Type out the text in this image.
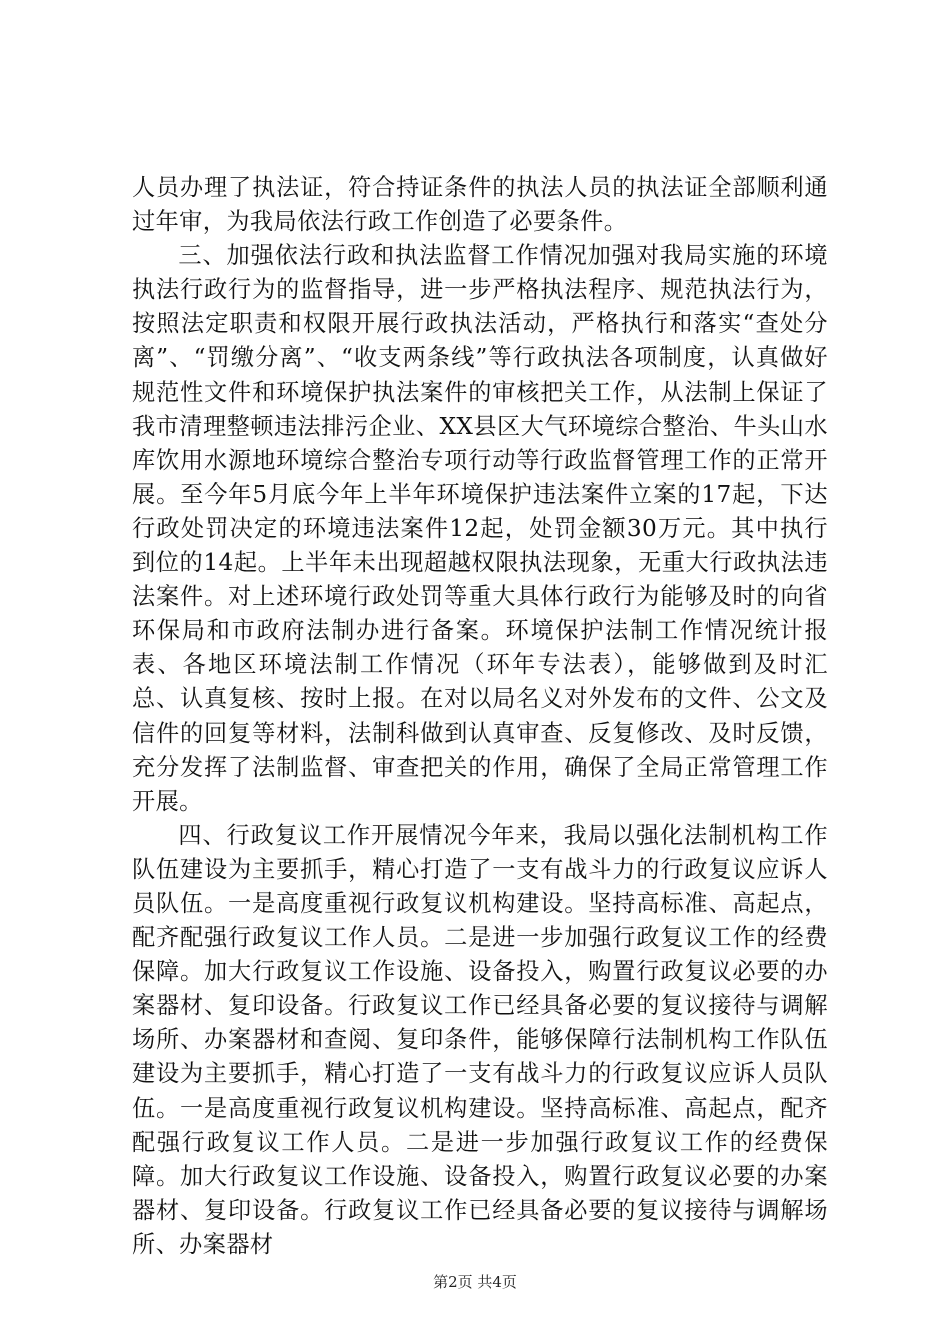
人员办理了执法证，符合持证条件的执法人员的执法证全部顺利通过年审，为我局依法行政工作创造了必要条件。

三、加强依法行政和执法监督工作情况加强对我局实施的环境执法行政行为的监督指导，进一步严格执法程序、规范执法行为，按照法定职责和权限开展行政执法活动，严格执行和落实“查处分离”、“罚缴分离”、“收支两条线”等行政执法各项制度，认真做好规范性文件和环境保护执法案件的审核把关工作，从法制上保证了我市清理整顿违法排污企业、XX县区大气环境综合整治、牛头山水库饮用水源地环境综合整治专项行动等行政监督管理工作的正常开展。至今年5月底今年上半年环境保护违法案件立案的17起，下达行政处罚决定的环境违法案件12起，处罚金额30万元。其中执行到位的14起。上半年未出现超越权限执法现象，无重大行政执法违法案件。对上述环境行政处罚等重大具体行政行为能够及时的向省环保局和市政府法制办进行备案。环境保护法制工作情况统计报表、各地区环境法制工作情况（环年专法表），能够做到及时汇总、认真复核、按时上报。在对以局名义对外发布的文件、公文及信件的回复等材料，法制科做到认真审查、反复修改、及时反馈，充分发挥了法制监督、审查把关的作用，确保了全局正常管理工作开展。

四、行政复议工作开展情况今年来，我局以强化法制机构工作队伍建设为主要抓手，精心打造了一支有战斗力的行政复议应诉人员队伍。一是高度重视行政复议机构建设。坚持高标准、高起点，配齐配强行政复议工作人员。二是进一步加强行政复议工作的经费保障。加大行政复议工作设施、设备投入，购置行政复议必要的办案器材、复印设备。行政复议工作已经具备必要的复议接待与调解场所、办案器材和查阅、复印条件，能够保障行法制机构工作队伍建设为主要抓手，精心打造了一支有战斗力的行政复议应诉人员队伍。一是高度重视行政复议机构建设。坚持高标准、高起点，配齐配强行政复议工作人员。二是进一步加强行政复议工作的经费保障。加大行政复议工作设施、设备投入，购置行政复议必要的办案器材、复印设备。行政复议工作已经具备必要的复议接待与调解场所、办案器材

第2页 共4页
